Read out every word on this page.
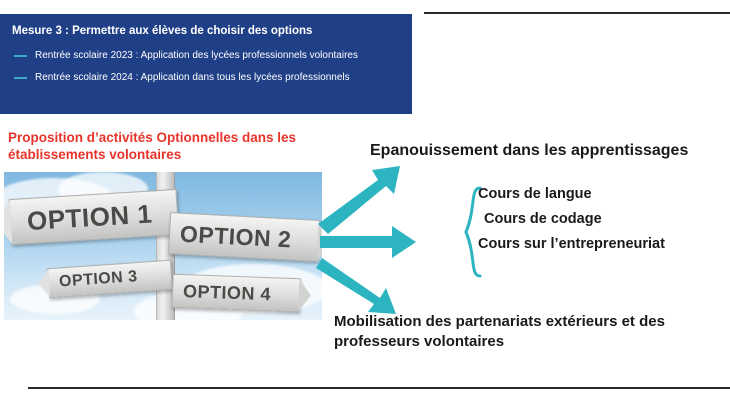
Mesure 3 : Permettre aux élèves de choisir des options
Rentrée scolaire 2023 : Application des lycées professionnels volontaires
Rentrée scolaire 2024 : Application dans tous les lycées professionnels
Proposition d’activités Optionnelles dans les établissements volontaires
OPTION 1
OPTION 2
OPTION 3
OPTION 4
Epanouissement dans les apprentissages
Cours de langue
Cours de codage
Cours sur l’entrepreneuriat
Mobilisation des partenariats extérieurs et des professeurs volontaires
